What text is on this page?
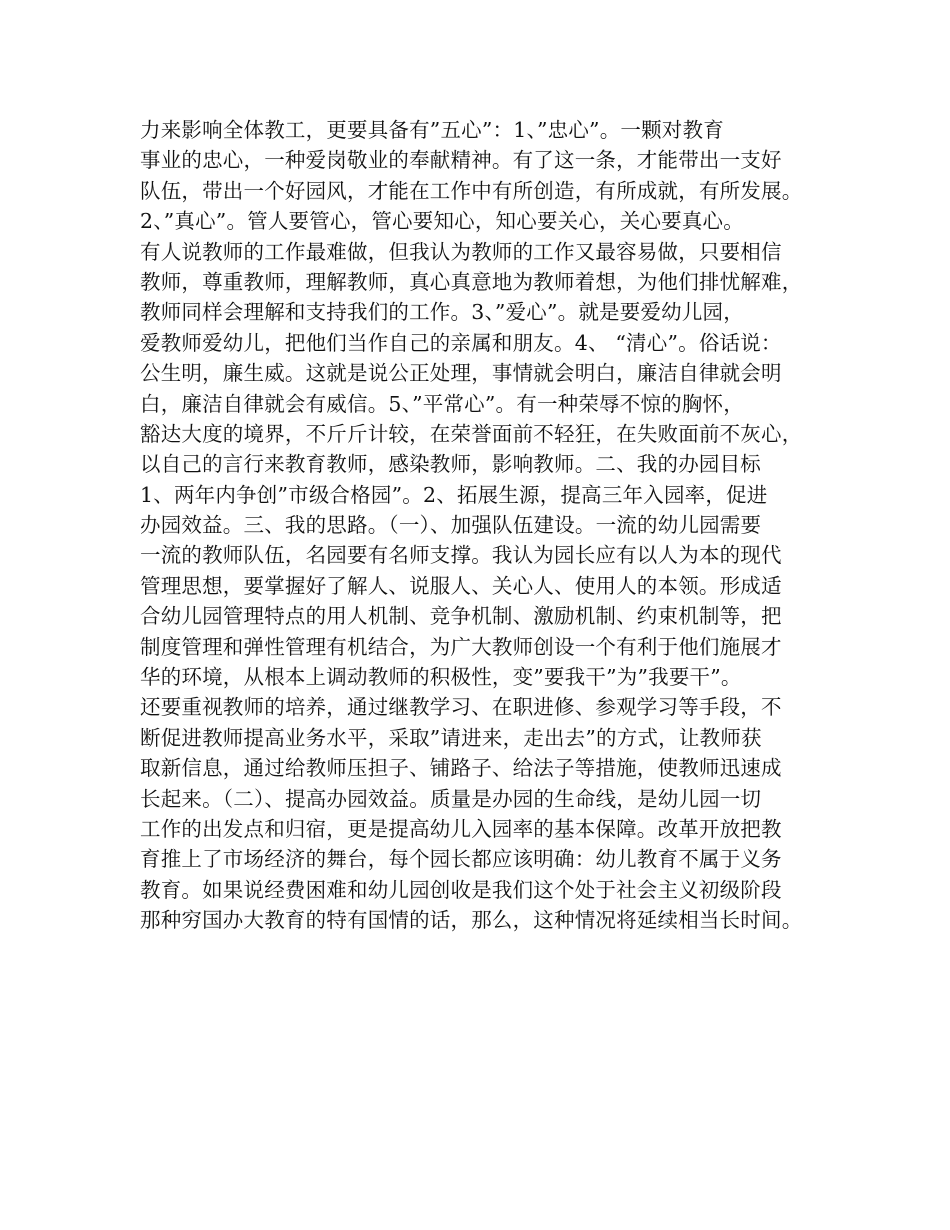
力来影响全体教工，更要具备有”五心”：1、”忠心”。一颗对教育
事业的忠心，一种爱岗敬业的奉献精神。有了这一条，才能带出一支好
队伍，带出一个好园风，才能在工作中有所创造，有所成就，有所发展。
2、”真心”。管人要管心，管心要知心，知心要关心，关心要真心。
有人说教师的工作最难做，但我认为教师的工作又最容易做，只要相信
教师，尊重教师，理解教师，真心真意地为教师着想，为他们排忧解难，
教师同样会理解和支持我们的工作。3、”爱心”。就是要爱幼儿园，
爱教师爱幼儿，把他们当作自己的亲属和朋友。4、 “清心”。俗话说：
公生明，廉生威。这就是说公正处理，事情就会明白，廉洁自律就会明
白，廉洁自律就会有威信。5、”平常心”。有一种荣辱不惊的胸怀，
豁达大度的境界，不斤斤计较，在荣誉面前不轻狂，在失败面前不灰心，
以自己的言行来教育教师，感染教师，影响教师。二、我的办园目标
1、两年内争创”市级合格园”。2、拓展生源，提高三年入园率，促进
办园效益。三、我的思路。（一）、加强队伍建设。一流的幼儿园需要
一流的教师队伍，名园要有名师支撑。我认为园长应有以人为本的现代
管理思想，要掌握好了解人、说服人、关心人、使用人的本领。形成适
合幼儿园管理特点的用人机制、竞争机制、激励机制、约束机制等，把
制度管理和弹性管理有机结合，为广大教师创设一个有利于他们施展才
华的环境，从根本上调动教师的积极性，变”要我干”为”我要干”。
还要重视教师的培养，通过继教学习、在职进修、参观学习等手段，不
断促进教师提高业务水平，采取”请进来，走出去”的方式，让教师获
取新信息，通过给教师压担子、铺路子、给法子等措施，使教师迅速成
长起来。（二）、提高办园效益。质量是办园的生命线，是幼儿园一切
工作的出发点和归宿，更是提高幼儿入园率的基本保障。改革开放把教
育推上了市场经济的舞台，每个园长都应该明确：幼儿教育不属于义务
教育。如果说经费困难和幼儿园创收是我们这个处于社会主义初级阶段
那种穷国办大教育的特有国情的话，那么，这种情况将延续相当长时间。
